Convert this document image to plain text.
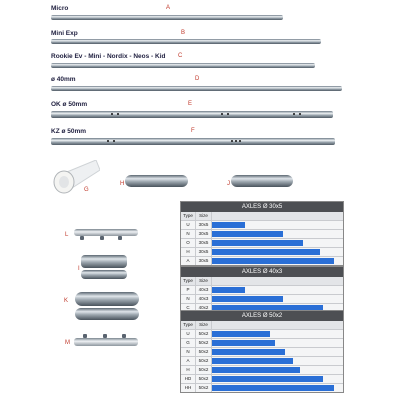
Micro	A
Mini Exp	B
Rookie Ev - Mini - Nordix - Neos - Kid C
ø 40mm	D
OK ø 50mm	E
KZ ø 50mm	F
G
H	J
L
I
K
M
AXLES Ø 30x5
Type	Size
U	30x5
N	30x5
O	30x5
H	30x5
A	30x5
AXLES Ø 40x3
Type	Size
P	40x3
N	40x3
C	40x2
AXLES Ø 50x2
Type	Size
U	50x2
G	50x2
N	50x2
A	50x2
H	50x2
HD	50x2
HH	50x2
